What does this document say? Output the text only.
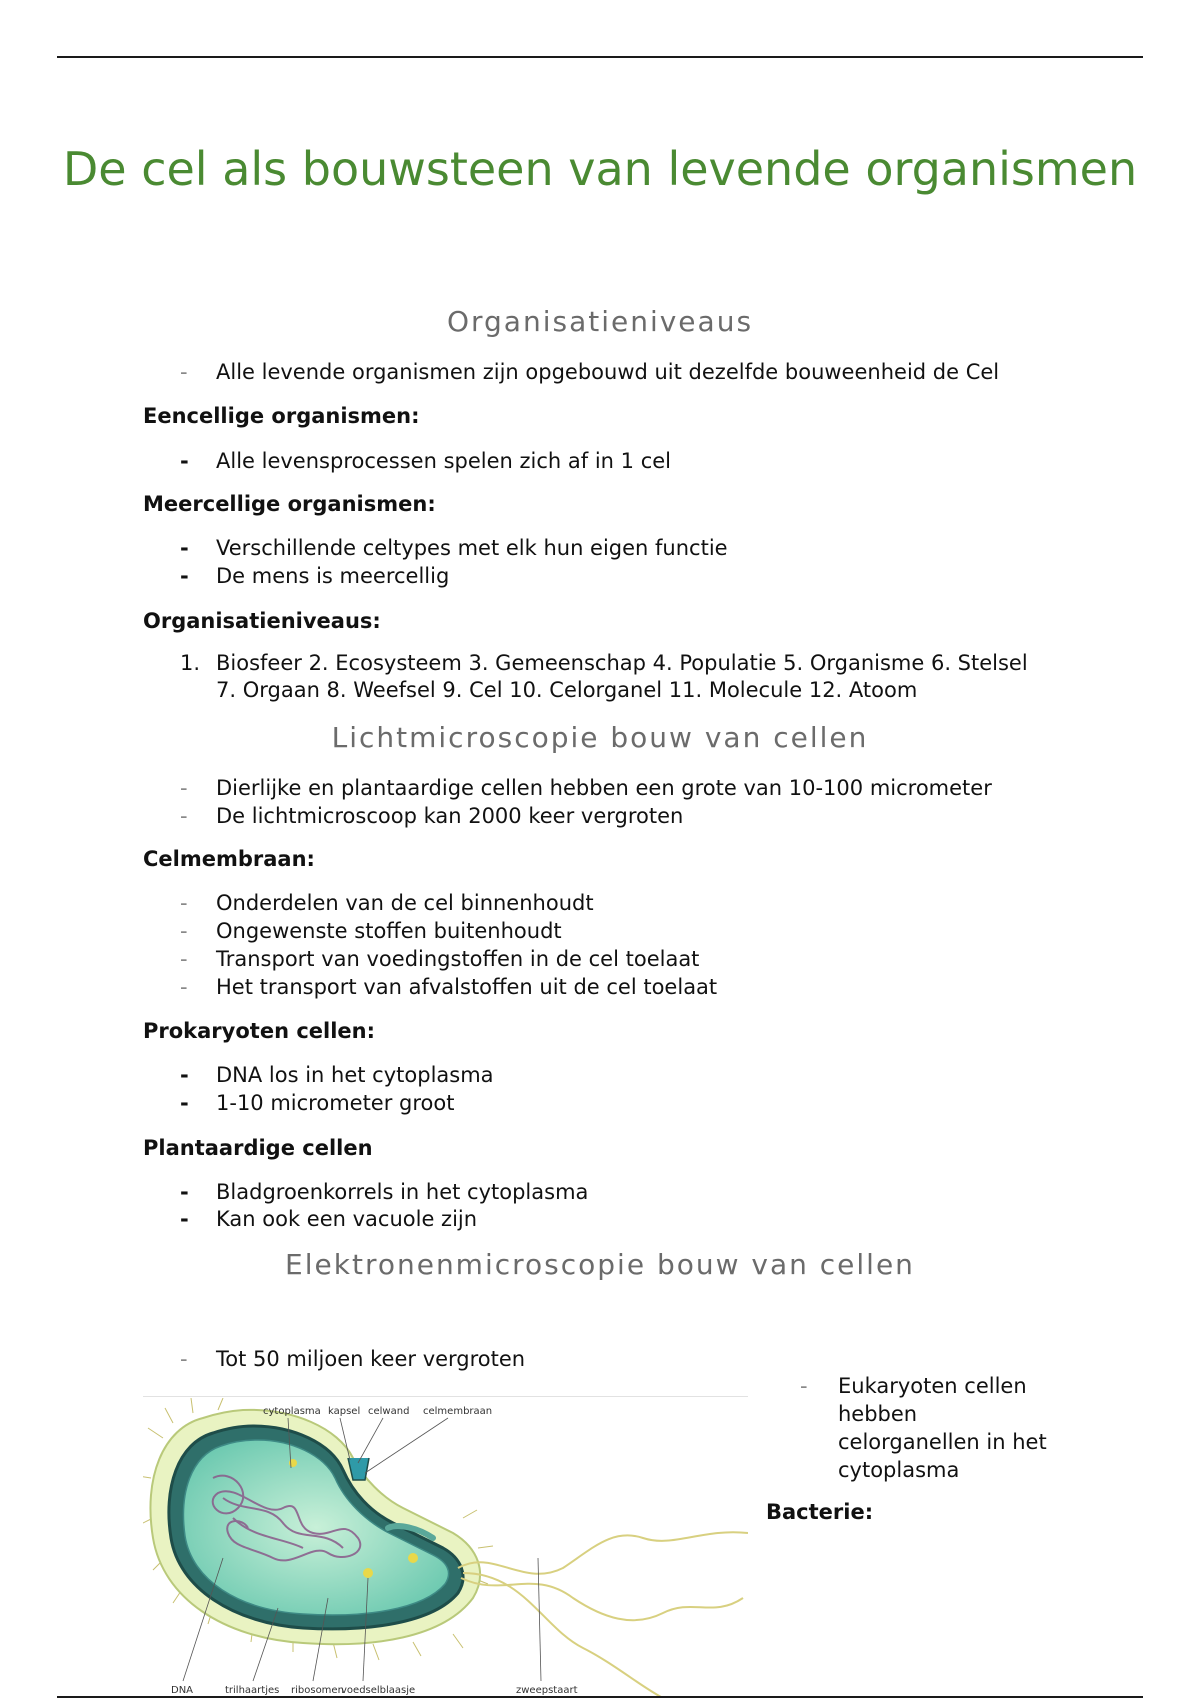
De cel als bouwsteen van levende organismen
Organisatieniveaus
-	Alle levende organismen zijn opgebouwd uit dezelfde bouweenheid de Cel
Eencellige organismen:
-	Alle levensprocessen spelen zich af in 1 cel
Meercellige organismen:
-	Verschillende celtypes met elk hun eigen functie
-	De mens is meercellig
Organisatieniveaus:
1. Biosfeer 2. Ecosysteem 3. Gemeenschap 4. Populatie 5. Organisme 6. Stelsel 7. Orgaan 8. Weefsel 9. Cel 10. Celorganel 11. Molecule 12. Atoom
Lichtmicroscopie bouw van cellen
-	Dierlijke en plantaardige cellen hebben een grote van 10-100 micrometer
-	De lichtmicroscoop kan 2000 keer vergroten
Celmembraan:
-	Onderdelen van de cel binnenhoudt
-	Ongewenste stoffen buitenhoudt
-	Transport van voedingstoffen in de cel toelaat
-	Het transport van afvalstoffen uit de cel toelaat
Prokaryoten cellen:
-	DNA los in het cytoplasma
-	1-10 micrometer groot
Plantaardige cellen
-	Bladgroenkorrels in het cytoplasma
-	Kan ook een vacuole zijn
Elektronenmicroscopie bouw van cellen
-	Tot 50 miljoen keer vergroten
- Eukaryoten cellen hebben celorganellen in het cytoplasma
Bacterie:
cytoplasma kapsel celwand celmembraan
DNA	trilhaartjes ribosomen
voedselblaasje	zweepstaart
